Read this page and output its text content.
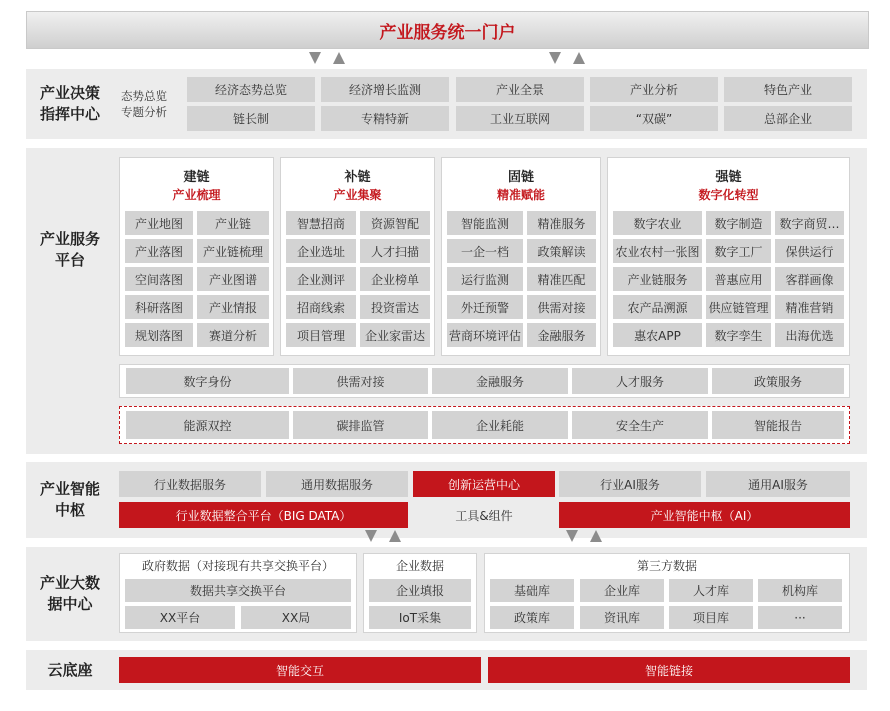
产业服务统一门户
产业决策
指挥中心
态势总览
专题分析
经济态势总览	经济增长监测	产业全景	产业分析	特色产业
链长制	专精特新	工业互联网	“双碳”	总部企业
产业服务
平台
建链
产业梳理
补链
产业集聚
固链
精准赋能
强链
数字化转型
产业地图	产业链
产业落图	产业链梳理
空间落图	产业图谱
科研落图	产业情报
规划落图	赛道分析
智慧招商	资源智配
企业选址	人才扫描
企业测评	企业榜单
招商线索	投资雷达
项目管理	企业家雷达
智能监测	精准服务
一企一档	政策解读
运行监测	精准匹配
外迁预警	供需对接
营商环境评估	金融服务
数字农业	数字制造	数字商贸…
农业农村一张图	数字工厂	保供运行
产业链服务	普惠应用	客群画像
农产品溯源	供应链管理	精准营销
惠农APP	数字孪生	出海优选
数字身份	供需对接	金融服务	人才服务	政策服务
能源双控	碳排监管	企业耗能	安全生产	智能报告
产业智能
中枢
行业数据服务	通用数据服务	创新运营中心	行业AI服务	通用AI服务
行业数据整合平台（BIG DATA）	工具&组件	产业智能中枢（AI）
产业大数
据中心
政府数据（对接现有共享交换平台）	企业数据	第三方数据
数据共享交换平台
XX平台	XX局
企业填报
IoT采集
基础库	企业库	人才库	机构库
政策库	资讯库	项目库	···
云底座	智能交互	智能链接
